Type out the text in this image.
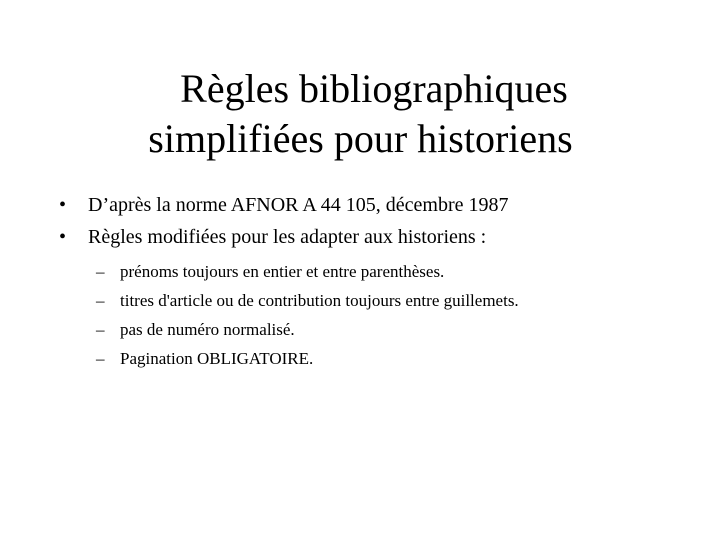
Règles bibliographiques
simplifiées pour historiens
• D’après la norme AFNOR A 44 105, décembre 1987
• Règles modifiées pour les adapter aux historiens :
– prénoms toujours en entier et entre parenthèses.
– titres d'article ou de contribution toujours entre guillemets.
– pas de numéro normalisé.
– Pagination OBLIGATOIRE.
